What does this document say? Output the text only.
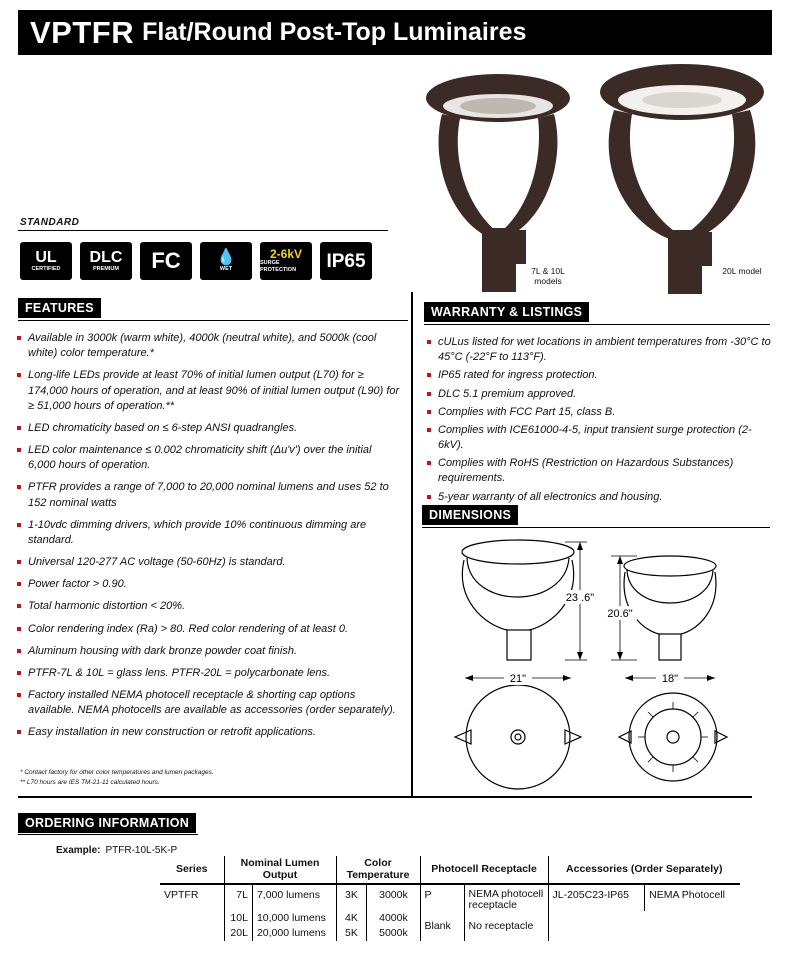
VPTFR Flat/Round Post-Top Luminaires
7L & 10L models
20L model
STANDARD
UL
CERTIFIED
DLC
PREMIUM FC 💧
WET
2-6kV
SURGE PROTECTION	IP65
FEATURES
Available in 3000k (warm white), 4000k (neutral white), and 5000k (cool white) color temperature.*
Long-life LEDs provide at least 70% of initial lumen output (L70) for ≥ 174,000 hours of operation, and at least 90% of initial lumen output (L90) for ≥ 51,000 hours of operation.**
LED chromaticity based on ≤ 6-step ANSI quadrangles.
LED color maintenance ≤ 0.002 chromaticity shift (Δu'v') over the initial 6,000 hours of operation.
PTFR provides a range of 7,000 to 20,000 nominal lumens and uses 52 to 152 nominal watts
1-10vdc dimming drivers, which provide 10% continuous dimming are standard.
Universal 120-277 AC voltage (50-60Hz) is standard.
Power factor > 0.90.
Total harmonic distortion < 20%.
Color rendering index (Ra) > 80. Red color rendering of at least 0.
Aluminum housing with dark bronze powder coat finish.
PTFR-7L & 10L = glass lens. PTFR-20L = polycarbonate lens.
Factory installed NEMA photocell receptacle & shorting cap options available. NEMA photocells are available as accessories (order separately).
Easy installation in new construction or retrofit applications.
* Contact factory for other color temperatures and lumen packages.
** L70 hours are IES TM-21-11 calculated hours.
WARRANTY & LISTINGS
cULus listed for wet locations in ambient temperatures from -30°C to 45°C (-22°F to 113°F).
IP65 rated for ingress protection.
DLC 5.1 premium approved.
Complies with FCC Part 15, class B.
Complies with ICE61000-4-5, input transient surge protection (2-6kV).
Complies with RoHS (Restriction on Hazardous Substances) requirements.
5-year warranty of all electronics and housing.
DIMENSIONS
23 .6"
20.6"
21"	18"
ORDERING INFORMATION
Example: PTFR-10L-5K-P
Series	Nominal Lumen Output		Color Temperature		Photocell Receptacle		Accessories (Order Separately)	
VPTFR	7L	7,000 lumens	3K	3000k	P	NEMA photocell receptacle	JL-205C23-IP65	NEMA Photocell
	10L	10,000 lumens	4K	4000k	Blank	No receptacle		
	20L	20,000 lumens	5K	5000k				
